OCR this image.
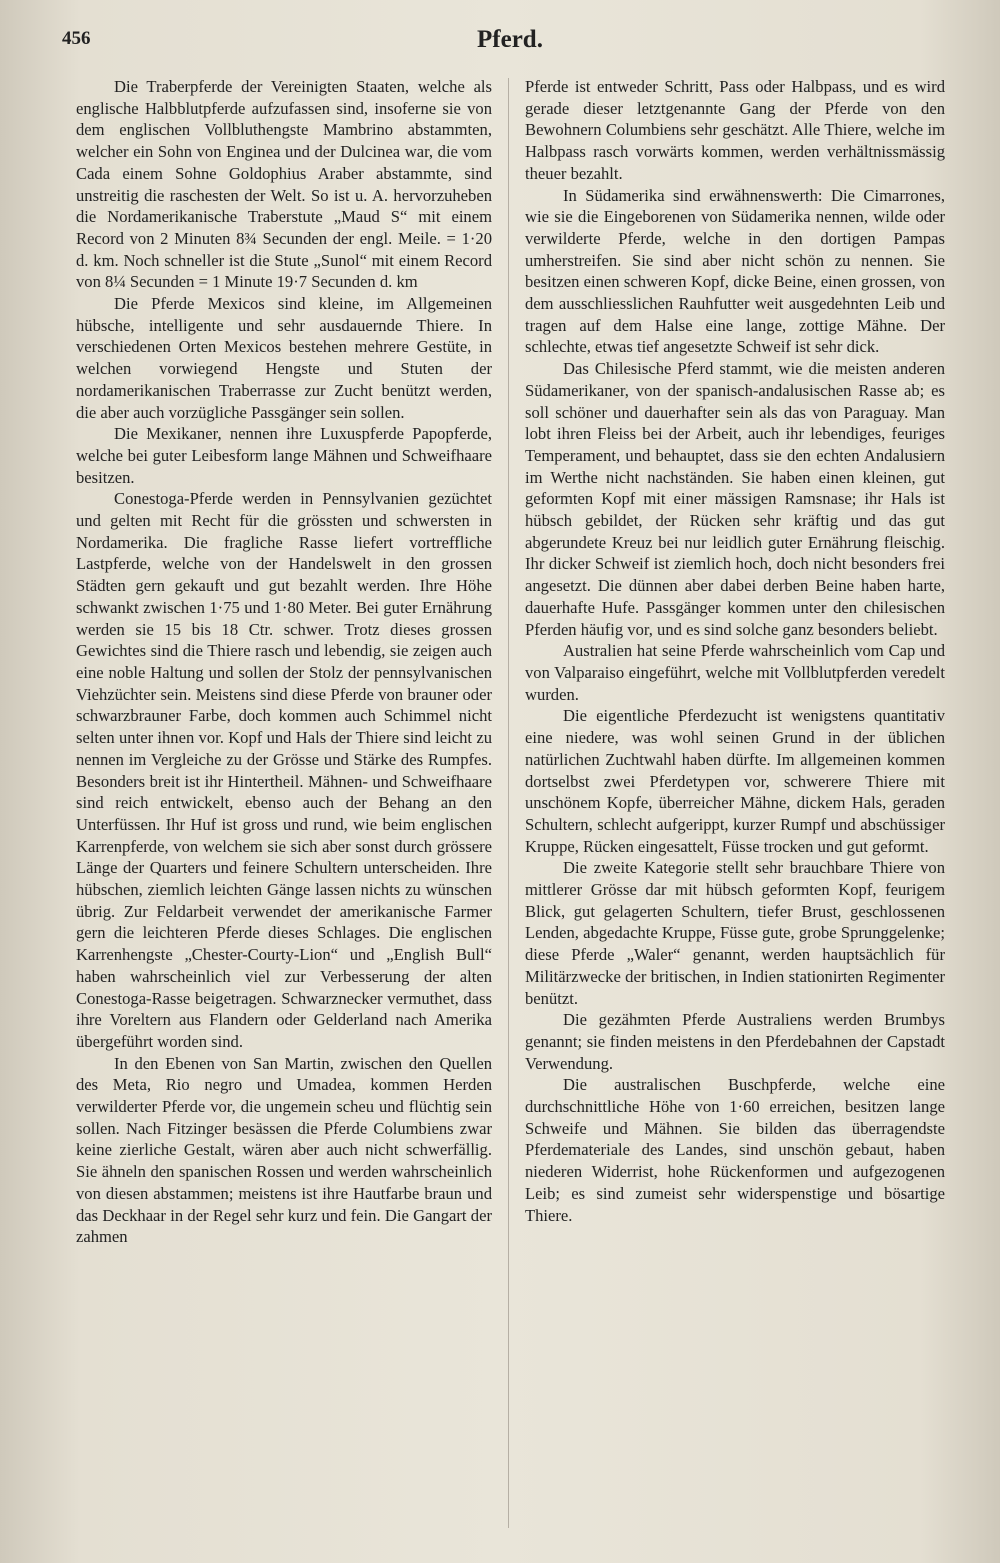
456	Pferd.

Die Traberpferde der Vereinigten Staaten, welche als englische Halbblutpferde aufzufassen sind, insoferne sie von dem englischen Vollbluthengste Mambrino abstammten, welcher ein Sohn von Enginea und der Dulcinea war, die vom Cada einem Sohne Goldophius Araber abstammte, sind unstreitig die raschesten der Welt. So ist u. A. hervorzuheben die Nordamerikanische Traberstute „Maud S“ mit einem Record von 2 Minuten 8¾ Secunden der engl. Meile. = 1·20 d. km. Noch schneller ist die Stute „Sunol“ mit einem Record von 8¼ Secunden = 1 Minute 19·7 Secunden d. km

Die Pferde Mexicos sind kleine, im Allgemeinen hübsche, intelligente und sehr ausdauernde Thiere. In verschiedenen Orten Mexicos bestehen mehrere Gestüte, in welchen vorwiegend Hengste und Stuten der nordamerikanischen Traberrasse zur Zucht benützt werden, die aber auch vorzügliche Passgänger sein sollen.

Die Mexikaner, nennen ihre Luxuspferde Papopferde, welche bei guter Leibesform lange Mähnen und Schweifhaare besitzen.

Conestoga-Pferde werden in Pennsylvanien gezüchtet und gelten mit Recht für die grössten und schwersten in Nordamerika. Die fragliche Rasse liefert vortreffliche Lastpferde, welche von der Handelswelt in den grossen Städten gern gekauft und gut bezahlt werden. Ihre Höhe schwankt zwischen 1·75 und 1·80 Meter. Bei guter Ernährung werden sie 15 bis 18 Ctr. schwer. Trotz dieses grossen Gewichtes sind die Thiere rasch und lebendig, sie zeigen auch eine noble Haltung und sollen der Stolz der pennsylvanischen Viehzüchter sein. Meistens sind diese Pferde von brauner oder schwarzbrauner Farbe, doch kommen auch Schimmel nicht selten unter ihnen vor. Kopf und Hals der Thiere sind leicht zu nennen im Vergleiche zu der Grösse und Stärke des Rumpfes. Besonders breit ist ihr Hintertheil. Mähnen- und Schweifhaare sind reich entwickelt, ebenso auch der Behang an den Unterfüssen. Ihr Huf ist gross und rund, wie beim englischen Karrenpferde, von welchem sie sich aber sonst durch grössere Länge der Quarters und feinere Schultern unterscheiden. Ihre hübschen, ziemlich leichten Gänge lassen nichts zu wünschen übrig. Zur Feldarbeit verwendet der amerikanische Farmer gern die leichteren Pferde dieses Schlages. Die englischen Karrenhengste „Chester-Courty-Lion“ und „English Bull“ haben wahrscheinlich viel zur Verbesserung der alten Conestoga-Rasse beigetragen. Schwarznecker vermuthet, dass ihre Voreltern aus Flandern oder Gelderland nach Amerika übergeführt worden sind.

In den Ebenen von San Martin, zwischen den Quellen des Meta, Rio negro und Umadea, kommen Herden verwilderter Pferde vor, die ungemein scheu und flüchtig sein sollen. Nach Fitzinger besässen die Pferde Columbiens zwar keine zierliche Gestalt, wären aber auch nicht schwerfällig. Sie ähneln den spanischen Rossen und werden wahrscheinlich von diesen abstammen; meistens ist ihre Hautfarbe braun und das Deckhaar in der Regel sehr kurz und fein. Die Gangart der zahmen

Pferde ist entweder Schritt, Pass oder Halbpass, und es wird gerade dieser letztgenannte Gang der Pferde von den Bewohnern Columbiens sehr geschätzt. Alle Thiere, welche im Halbpass rasch vorwärts kommen, werden verhältnissmässig theuer bezahlt.

In Südamerika sind erwähnenswerth: Die Cimarrones, wie sie die Eingeborenen von Südamerika nennen, wilde oder verwilderte Pferde, welche in den dortigen Pampas umherstreifen. Sie sind aber nicht schön zu nennen. Sie besitzen einen schweren Kopf, dicke Beine, einen grossen, von dem ausschliesslichen Rauhfutter weit ausgedehnten Leib und tragen auf dem Halse eine lange, zottige Mähne. Der schlechte, etwas tief angesetzte Schweif ist sehr dick.

Das Chilesische Pferd stammt, wie die meisten anderen Südamerikaner, von der spanisch-andalusischen Rasse ab; es soll schöner und dauerhafter sein als das von Paraguay. Man lobt ihren Fleiss bei der Arbeit, auch ihr lebendiges, feuriges Temperament, und behauptet, dass sie den echten Andalusiern im Werthe nicht nachständen. Sie haben einen kleinen, gut geformten Kopf mit einer mässigen Ramsnase; ihr Hals ist hübsch gebildet, der Rücken sehr kräftig und das gut abgerundete Kreuz bei nur leidlich guter Ernährung fleischig. Ihr dicker Schweif ist ziemlich hoch, doch nicht besonders frei angesetzt. Die dünnen aber dabei derben Beine haben harte, dauerhafte Hufe. Passgänger kommen unter den chilesischen Pferden häufig vor, und es sind solche ganz besonders beliebt.

Australien hat seine Pferde wahrscheinlich vom Cap und von Valparaiso eingeführt, welche mit Vollblutpferden veredelt wurden.

Die eigentliche Pferdezucht ist wenigstens quantitativ eine niedere, was wohl seinen Grund in der üblichen natürlichen Zuchtwahl haben dürfte. Im allgemeinen kommen dortselbst zwei Pferdetypen vor, schwerere Thiere mit unschönem Kopfe, überreicher Mähne, dickem Hals, geraden Schultern, schlecht aufgerippt, kurzer Rumpf und abschüssiger Kruppe, Rücken eingesattelt, Füsse trocken und gut geformt.

Die zweite Kategorie stellt sehr brauchbare Thiere von mittlerer Grösse dar mit hübsch geformten Kopf, feurigem Blick, gut gelagerten Schultern, tiefer Brust, geschlossenen Lenden, abgedachte Kruppe, Füsse gute, grobe Sprunggelenke; diese Pferde „Waler“ genannt, werden hauptsächlich für Militärzwecke der britischen, in Indien stationirten Regimenter benützt.

Die gezähmten Pferde Australiens werden Brumbys genannt; sie finden meistens in den Pferdebahnen der Capstadt Verwendung.

Die australischen Buschpferde, welche eine durchschnittliche Höhe von 1·60 erreichen, besitzen lange Schweife und Mähnen. Sie bilden das überragendste Pferdemateriale des Landes, sind unschön gebaut, haben niederen Widerrist, hohe Rückenformen und aufgezogenen Leib; es sind zumeist sehr widerspenstige und bösartige Thiere.
